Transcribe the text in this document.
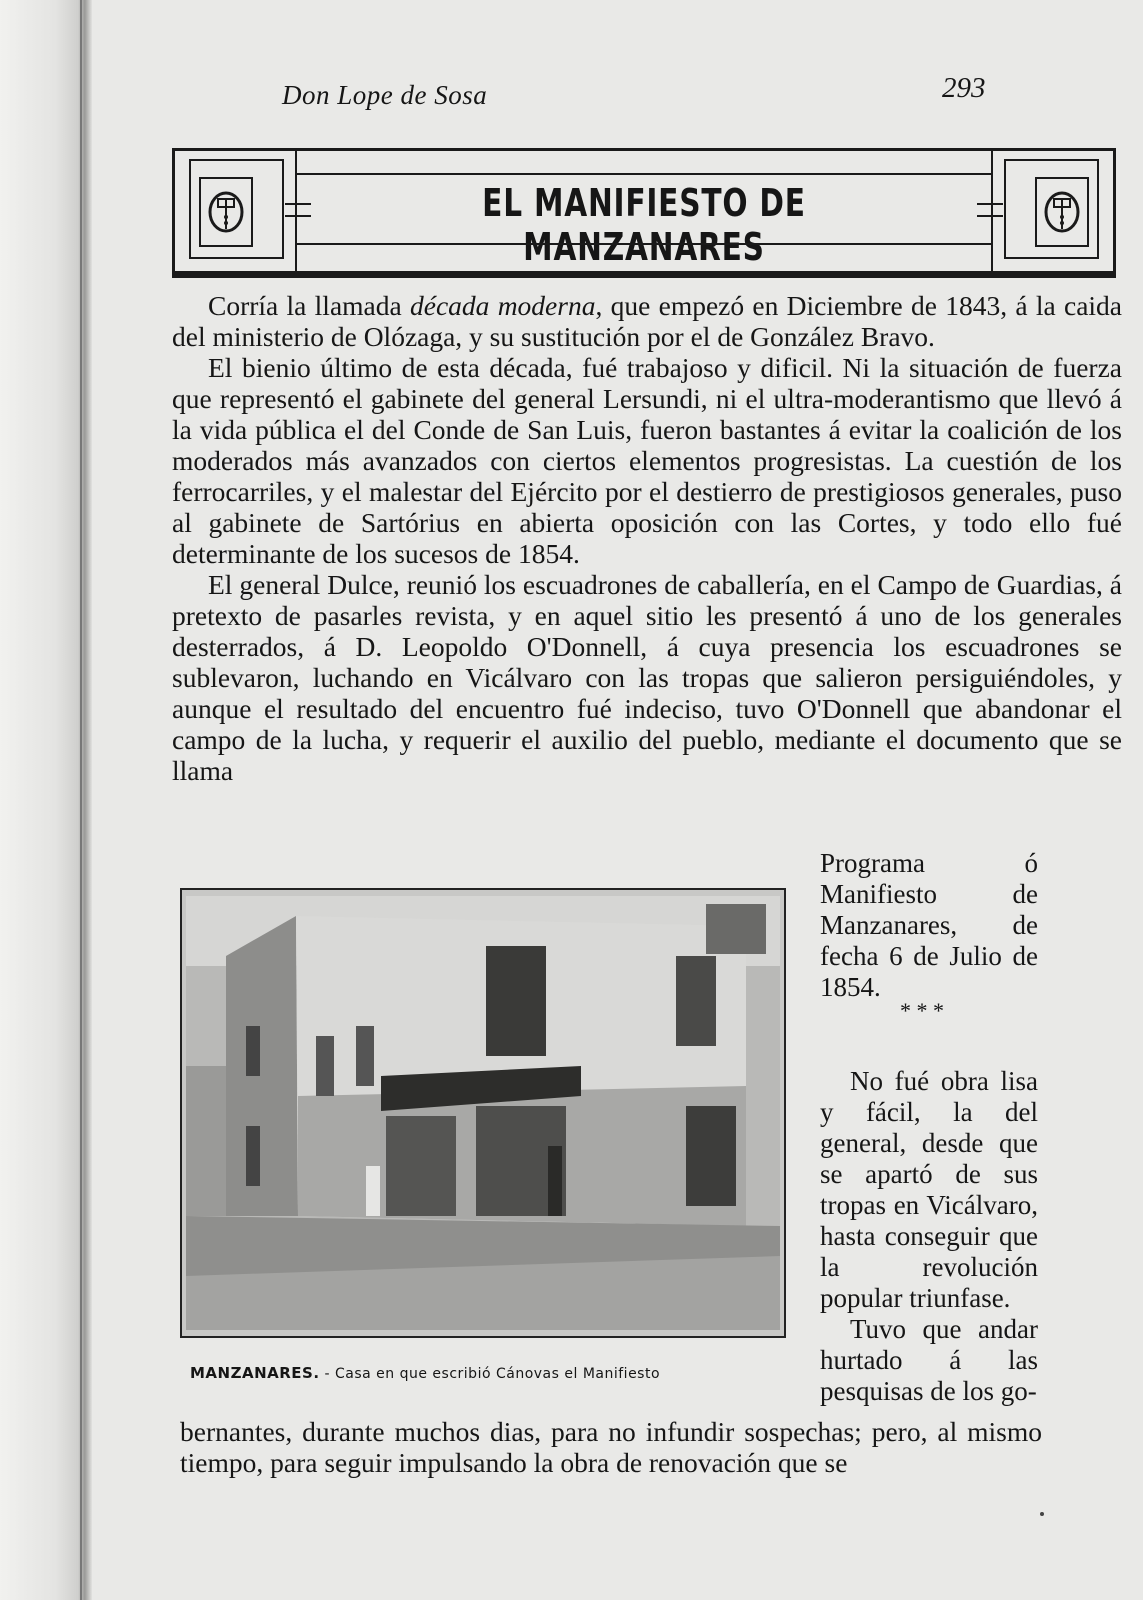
Don Lope de Sosa	293
EL MANIFIESTO DE MANZANARES

Corría la llamada década moderna, que empezó en Diciembre de 1843, á la caida del ministerio de Olózaga, y su sustitución por el de González Bravo.

El bienio último de esta década, fué trabajoso y dificil. Ni la situación de fuerza que representó el gabinete del general Lersundi, ni el ultra-moderantismo que llevó á la vida pública el del Conde de San Luis, fueron bastantes á evitar la coalición de los moderados más avanzados con ciertos elementos progresistas. La cuestión de los ferrocarriles, y el malestar del Ejército por el destierro de prestigiosos generales, puso al gabinete de Sartórius en abierta oposición con las Cortes, y todo ello fué determinante de los sucesos de 1854.

El general Dulce, reunió los escuadrones de caballería, en el Campo de Guardias, á pretexto de pasarles revista, y en aquel sitio les presentó á uno de los generales desterrados, á D. Leopoldo O'Donnell, á cuya presencia los escuadrones se sublevaron, luchando en Vicálvaro con las tropas que salieron persiguiéndoles, y aunque el resultado del encuentro fué indeciso, tuvo O'Donnell que abandonar el campo de la lucha, y requerir el auxilio del pueblo, mediante el documento que se llama

MANZANARES. - Casa en que escribió Cánovas el Manifiesto

Programa ó Manifiesto de Manzanares, de fecha 6 de Julio de 1854.

* * *

No fué obra lisa y fácil, la del general, desde que se apartó de sus tropas en Vicálvaro, hasta conseguir que la revolución popular triunfase.

Tuvo que andar hurtado á las pesquisas de los go-

bernantes, durante muchos dias, para no infundir sospechas; pero, al mismo tiempo, para seguir impulsando la obra de renovación que se
